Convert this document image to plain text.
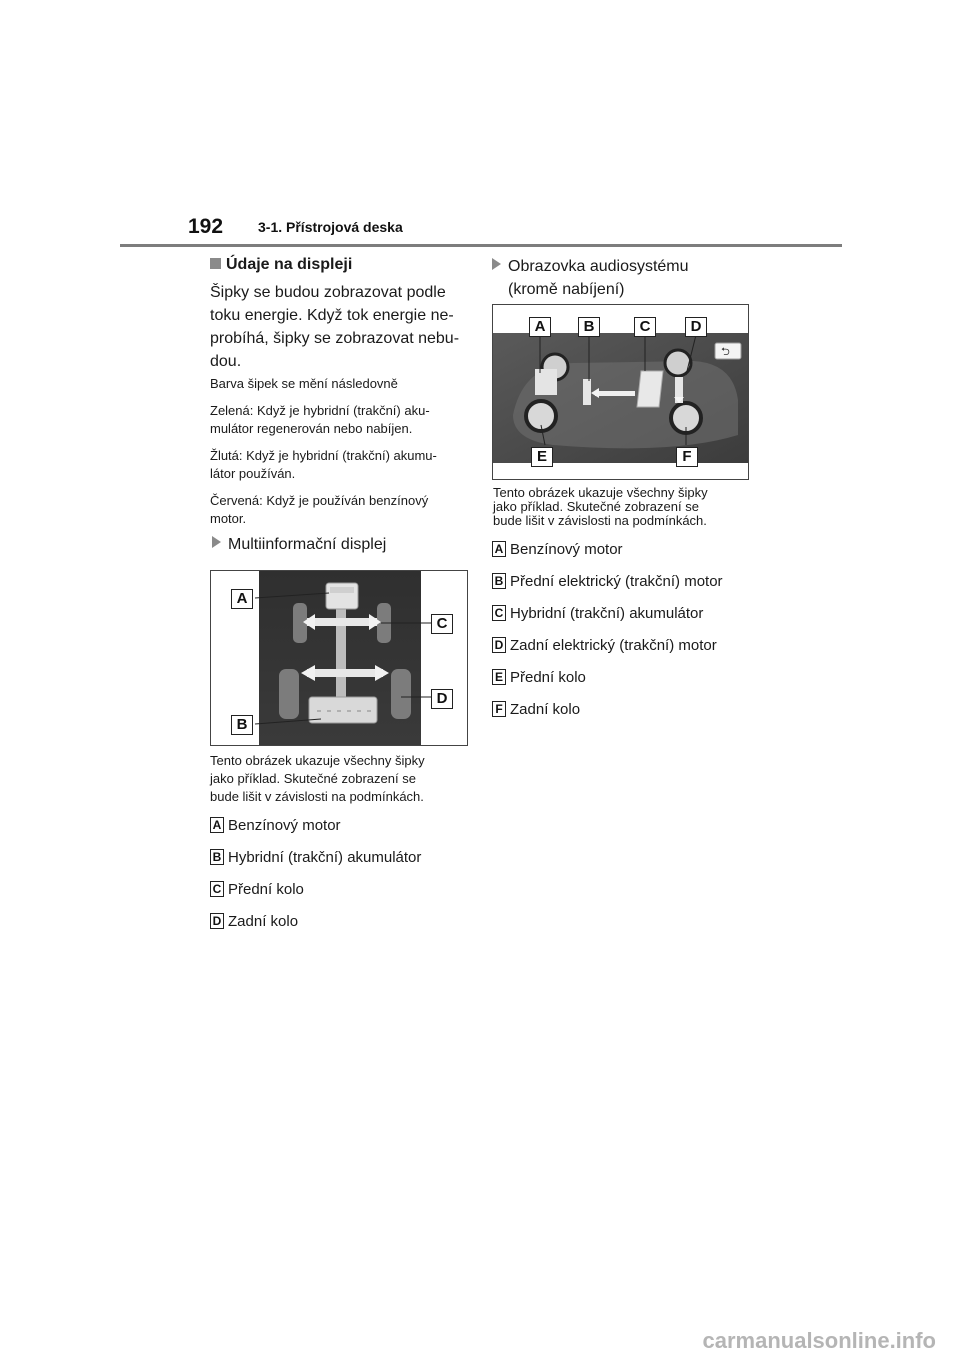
192 3-1. Přístrojová deska
Údaje na displeji
Šipky se budou zobrazovat podle
toku energie. Když tok energie ne-
probíhá, šipky se zobrazovat nebu-
dou.
Barva šipek se mění následovně
Zelená: Když je hybridní (trakční) aku-
mulátor regenerován nebo nabíjen.
Žlutá: Když je hybridní (trakční) akumu-
látor používán.
Červená: Když je používán benzínový
motor.
Multiinformační displej
A
B
C
D
Tento obrázek ukazuje všechny šipky
jako příklad. Skutečné zobrazení se
bude lišit v závislosti na podmínkách.
A Benzínový motor
B Hybridní (trakční) akumulátor
C Přední kolo
D Zadní kolo
Obrazovka audiosystému
(kromě nabíjení)
⮌
A	B	C	D
E	F
Tento obrázek ukazuje všechny šipky
jako příklad. Skutečné zobrazení se
bude lišit v závislosti na podmínkách.
A Benzínový motor
B Přední elektrický (trakční) motor
C Hybridní (trakční) akumulátor
D Zadní elektrický (trakční) motor
E Přední kolo
F Zadní kolo
carmanualsonline.info
